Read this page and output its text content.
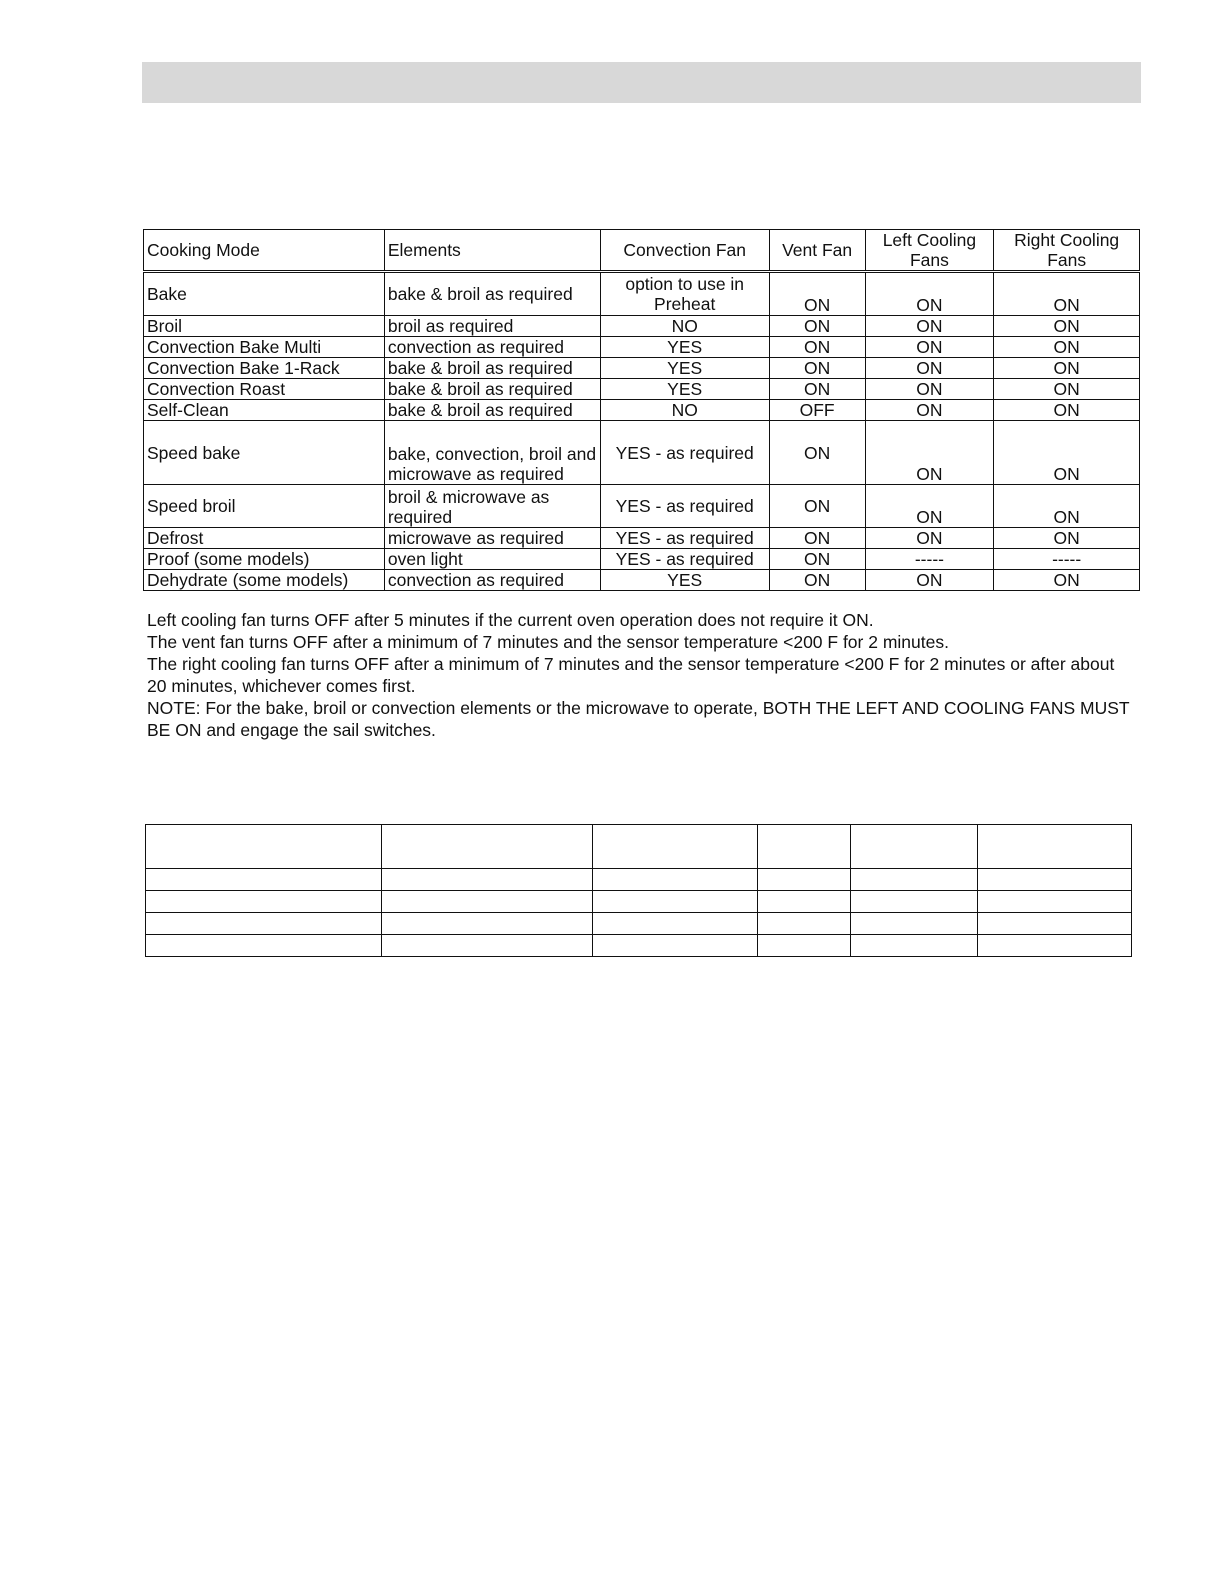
Cooking Mode	Elements	Convection Fan	Vent Fan	Left Cooling Fans	Right Cooling Fans
Bake	bake & broil as required	option to use in Preheat	ON	ON	ON
Broil	broil as required	NO	ON	ON	ON
Convection Bake Multi	convection as required	YES	ON	ON	ON
Convection Bake 1-Rack	bake & broil as required	YES	ON	ON	ON
Convection Roast	bake & broil as required	YES	ON	ON	ON
Self-Clean	bake & broil as required	NO	OFF	ON	ON
Speed bake	bake, convection, broil and microwave as required	YES - as required	ON	ON	ON
Speed broil	broil & microwave as required	YES - as required	ON	ON	ON
Defrost	microwave as required	YES - as required	ON	ON	ON
Proof (some models)	oven light	YES - as required	ON	-----	-----
Dehydrate (some models)	convection as required	YES	ON	ON	ON

Left cooling fan turns OFF after 5 minutes if the current oven operation does not require it ON.

The vent fan turns OFF after a minimum of 7 minutes and the sensor temperature <200 F for 2 minutes.

The right cooling fan turns OFF after a minimum of 7 minutes and the sensor temperature <200 F for 2 minutes or after about 20 minutes, whichever comes first.

NOTE: For the bake, broil or convection elements or the microwave to operate, BOTH THE LEFT AND COOLING FANS MUST BE ON and engage the sail switches.
